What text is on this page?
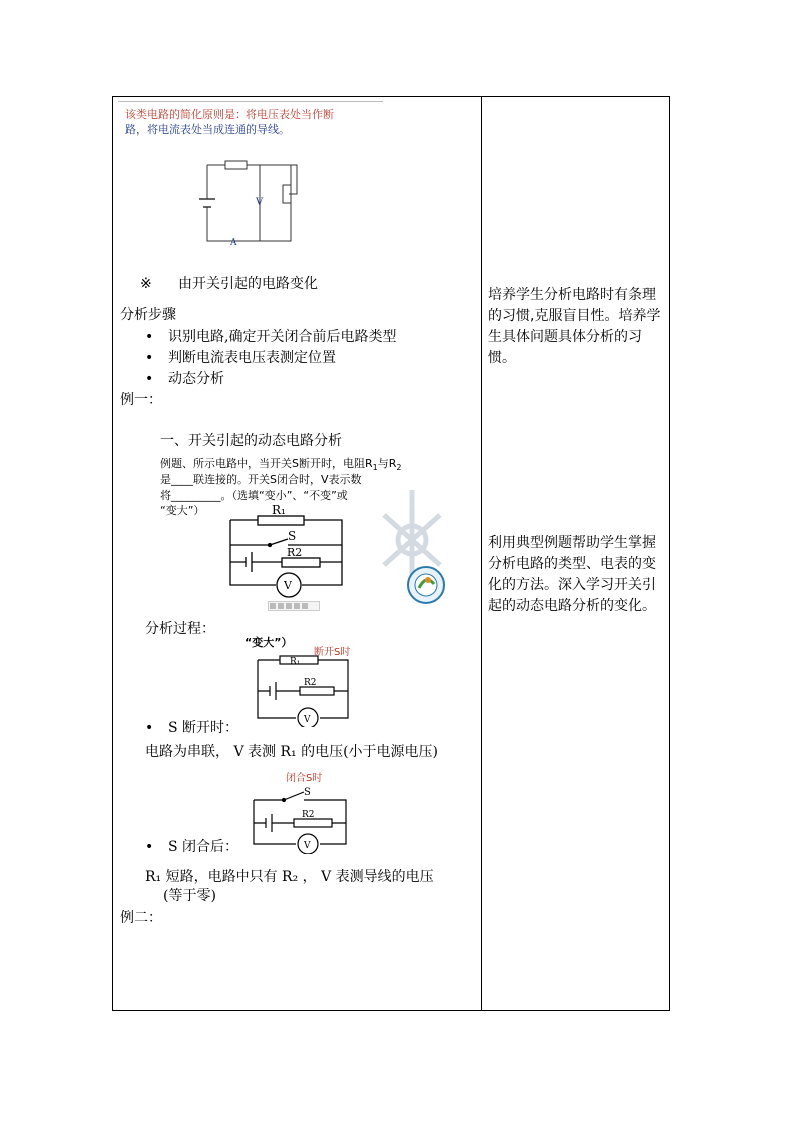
该类电路的简化原则是：将电压表处当作断
路，将电流表处当成连通的导线。
V
A
※ 由开关引起的电路变化
分析步骤
• 识别电路,确定开关闭合前后电路类型
• 判断电流表电压表测定位置
• 动态分析
例一：
一、开关引起的动态电路分析
例题、所示电路中，当开关S断开时，电阻$R_1$与$R_2$
是____联连接的。开关S闭合时，V表示数
将_________。（选填“变小”、“不变”或
“变大”）	R₁
S
R2
V
分析过程：
“变大”）
断开S时
R₁
R2
V
• S 断开时：
电路为串联， V 表测 R₁ 的电压(小于电源电压)
闭合S时
S
R2
V
• S 闭合后：
R₁ 短路，电路中只有 R₂ ， V 表测导线的电压
(等于零)
例二：
培养学生分析电路时有条理的习惯,克服盲目性。培养学生具体问题具体分析的习惯。
利用典型例题帮助学生掌握分析电路的类型、电表的变化的方法。深入学习开关引起的动态电路分析的变化。
